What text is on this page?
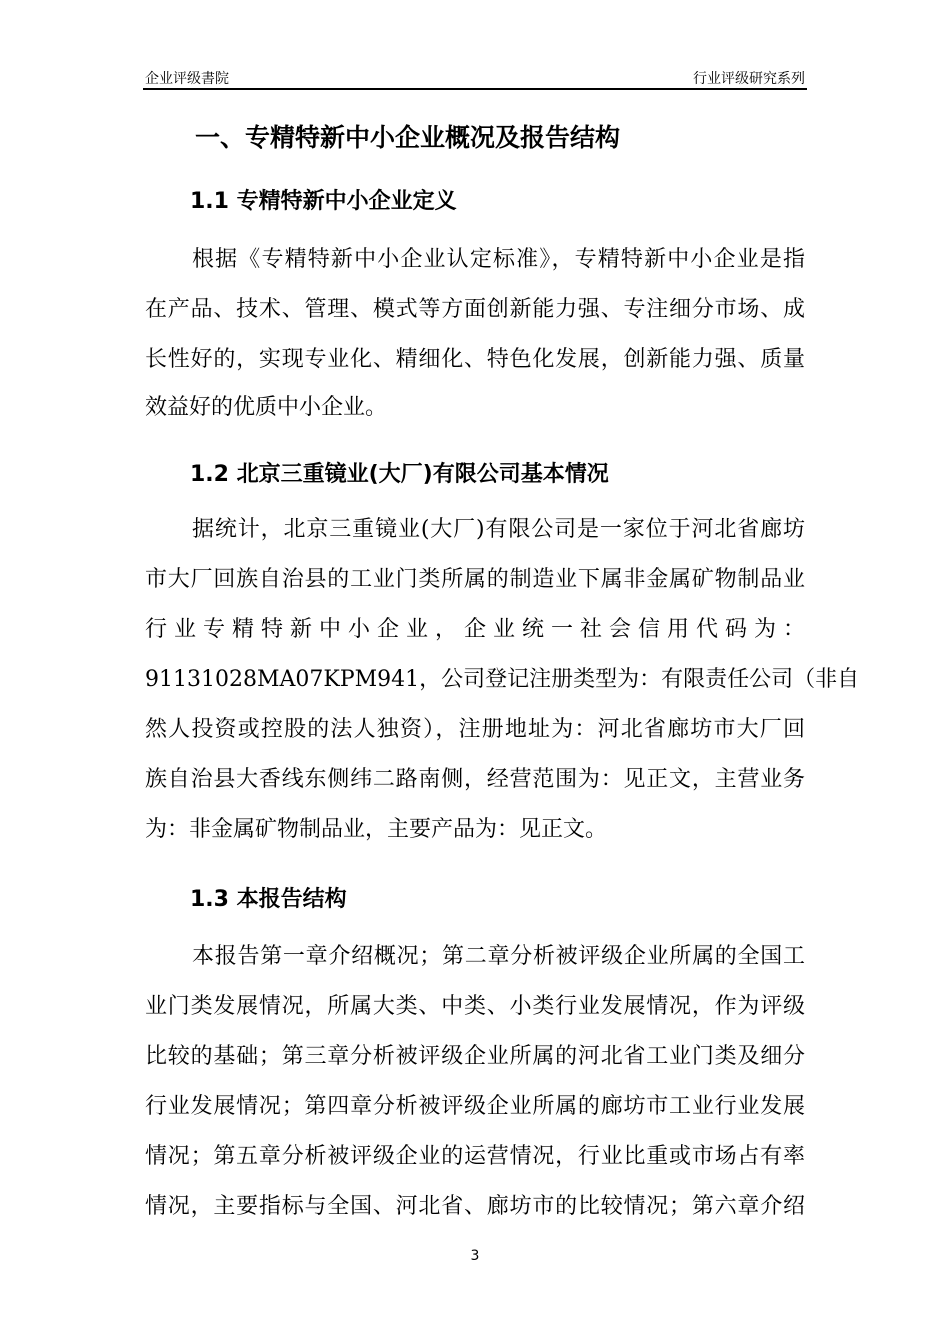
企业评级書院	行业评级研究系列
一、专精特新中小企业概况及报告结构
1.1 专精特新中小企业定义
根据《专精特新中小企业认定标准》，专精特新中小企业是指
在产品、技术、管理、模式等方面创新能力强、专注细分市场、成
长性好的，实现专业化、精细化、特色化发展，创新能力强、质量
效益好的优质中小企业。
1.2 北京三重镜业(大厂)有限公司基本情况
据统计，北京三重镜业(大厂)有限公司是一家位于河北省廊坊
市大厂回族自治县的工业门类所属的制造业下属非金属矿物制品业
行业专精特新中小企业，企业统一社会信用代码为：
91131028MA07KPM941，公司登记注册类型为：有限责任公司（非自
然人投资或控股的法人独资），注册地址为：河北省廊坊市大厂回
族自治县大香线东侧纬二路南侧，经营范围为：见正文，主营业务
为：非金属矿物制品业，主要产品为：见正文。
1.3 本报告结构
本报告第一章介绍概况；第二章分析被评级企业所属的全国工
业门类发展情况，所属大类、中类、小类行业发展情况，作为评级
比较的基础；第三章分析被评级企业所属的河北省工业门类及细分
行业发展情况；第四章分析被评级企业所属的廊坊市工业行业发展
情况；第五章分析被评级企业的运营情况，行业比重或市场占有率
情况，主要指标与全国、河北省、廊坊市的比较情况；第六章介绍
3
